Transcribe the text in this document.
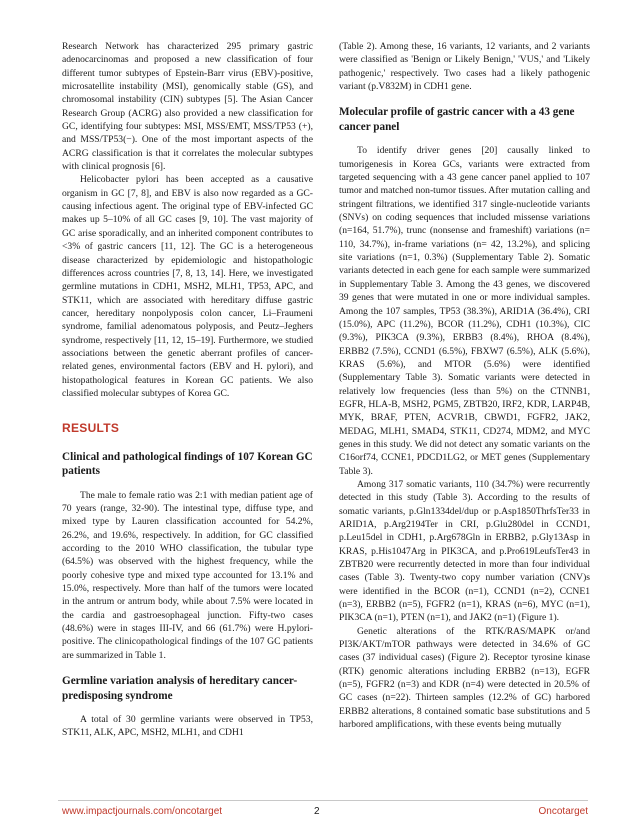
Research Network has characterized 295 primary gastric adenocarcinomas and proposed a new classification of four different tumor subtypes of Epstein-Barr virus (EBV)-positive, microsatellite instability (MSI), genomically stable (GS), and chromosomal instability (CIN) subtypes [5]. The Asian Cancer Research Group (ACRG) also provided a new classification for GC, identifying four subtypes: MSI, MSS/EMT, MSS/TP53 (+), and MSS/TP53(−). One of the most important aspects of the ACRG classification is that it correlates the molecular subtypes with clinical prognosis [6].

Helicobacter pylori has been accepted as a causative organism in GC [7, 8], and EBV is also now regarded as a GC-causing infectious agent. The original type of EBV-infected GC makes up 5–10% of all GC cases [9, 10]. The vast majority of GC arise sporadically, and an inherited component contributes to <3% of gastric cancers [11, 12]. The GC is a heterogeneous disease characterized by epidemiologic and histopathologic differences across countries [7, 8, 13, 14]. Here, we investigated germline mutations in CDH1, MSH2, MLH1, TP53, APC, and STK11, which are associated with hereditary diffuse gastric cancer, hereditary nonpolyposis colon cancer, Li–Fraumeni syndrome, familial adenomatous polyposis, and Peutz–Jeghers syndrome, respectively [11, 12, 15–19]. Furthermore, we studied associations between the genetic aberrant profiles of cancer-related genes, environmental factors (EBV and H. pylori), and histopathological features in Korean GC patients. We also classified molecular subtypes of Korea GC.

RESULTS
Clinical and pathological findings of 107 Korean GC patients

The male to female ratio was 2:1 with median patient age of 70 years (range, 32-90). The intestinal type, diffuse type, and mixed type by Lauren classification accounted for 54.2%, 26.2%, and 19.6%, respectively. In addition, for GC classified according to the 2010 WHO classification, the tubular type (64.5%) was observed with the highest frequency, while the poorly cohesive type and mixed type accounted for 13.1% and 15.0%, respectively. More than half of the tumors were located in the antrum or antrum body, while about 7.5% were located in the cardia and gastroesophageal junction. Fifty-two cases (48.6%) were in stages III-IV, and 66 (61.7%) were H.pylori-positive. The clinicopathological findings of the 107 GC patients are summarized in Table 1.

Germline variation analysis of hereditary cancer-predisposing syndrome

A total of 30 germline variants were observed in TP53, STK11, ALK, APC, MSH2, MLH1, and CDH1

(Table 2). Among these, 16 variants, 12 variants, and 2 variants were classified as 'Benign or Likely Benign,' 'VUS,' and 'Likely pathogenic,' respectively. Two cases had a likely pathogenic variant (p.V832M) in CDH1 gene.

Molecular profile of gastric cancer with a 43 gene cancer panel

To identify driver genes [20] causally linked to tumorigenesis in Korea GCs, variants were extracted from targeted sequencing with a 43 gene cancer panel applied to 107 tumor and matched non-tumor tissues. After mutation calling and stringent filtrations, we identified 317 single-nucleotide variants (SNVs) on coding sequences that included missense variations (n=164, 51.7%), trunc (nonsense and frameshift) variations (n= 110, 34.7%), in-frame variations (n= 42, 13.2%), and splicing site variations (n=1, 0.3%) (Supplementary Table 2). Somatic variants detected in each gene for each sample were summarized in Supplementary Table 3. Among the 43 genes, we discovered 39 genes that were mutated in one or more individual samples. Among the 107 samples, TP53 (38.3%), ARID1A (36.4%), CRI (15.0%), APC (11.2%), BCOR (11.2%), CDH1 (10.3%), CIC (9.3%), PIK3CA (9.3%), ERBB3 (8.4%), RHOA (8.4%), ERBB2 (7.5%), CCND1 (6.5%), FBXW7 (6.5%), ALK (5.6%), KRAS (5.6%), and MTOR (5.6%) were identified (Supplementary Table 3). Somatic variants were detected in relatively low frequencies (less than 5%) on the CTNNB1, EGFR, HLA-B, MSH2, PGM5, ZBTB20, IRF2, KDR, LARP4B, MYK, BRAF, PTEN, ACVR1B, CBWD1, FGFR2, JAK2, MEDAG, MLH1, SMAD4, STK11, CD274, MDM2, and MYC genes in this study. We did not detect any somatic variants on the C16orf74, CCNE1, PDCD1LG2, or MET genes (Supplementary Table 3).

Among 317 somatic variants, 110 (34.7%) were recurrently detected in this study (Table 3). According to the results of somatic variants, p.Gln1334del/dup or p.Asp1850ThrfsTer33 in ARID1A, p.Arg2194Ter in CRI, p.Glu280del in CCND1, p.Leu15del in CDH1, p.Arg678Gln in ERBB2, p.Gly13Asp in KRAS, p.His1047Arg in PIK3CA, and p.Pro619LeufsTer43 in ZBTB20 were recurrently detected in more than four individual cases (Table 3). Twenty-two copy number variation (CNV)s were identified in the BCOR (n=1), CCND1 (n=2), CCNE1 (n=3), ERBB2 (n=5), FGFR2 (n=1), KRAS (n=6), MYC (n=1), PIK3CA (n=1), PTEN (n=1), and JAK2 (n=1) (Figure 1).

Genetic alterations of the RTK/RAS/MAPK or/and PI3K/AKT/mTOR pathways were detected in 34.6% of GC cases (37 individual cases) (Figure 2). Receptor tyrosine kinase (RTK) genomic alterations including ERBB2 (n=13), EGFR (n=5), FGFR2 (n=3) and KDR (n=4) were detected in 20.5% of GC cases (n=22). Thirteen samples (12.2% of GC) harbored ERBB2 alterations, 8 contained somatic base substitutions and 5 harbored amplifications, with these events being mutually

www.impactjournals.com/oncotarget	2	Oncotarget
